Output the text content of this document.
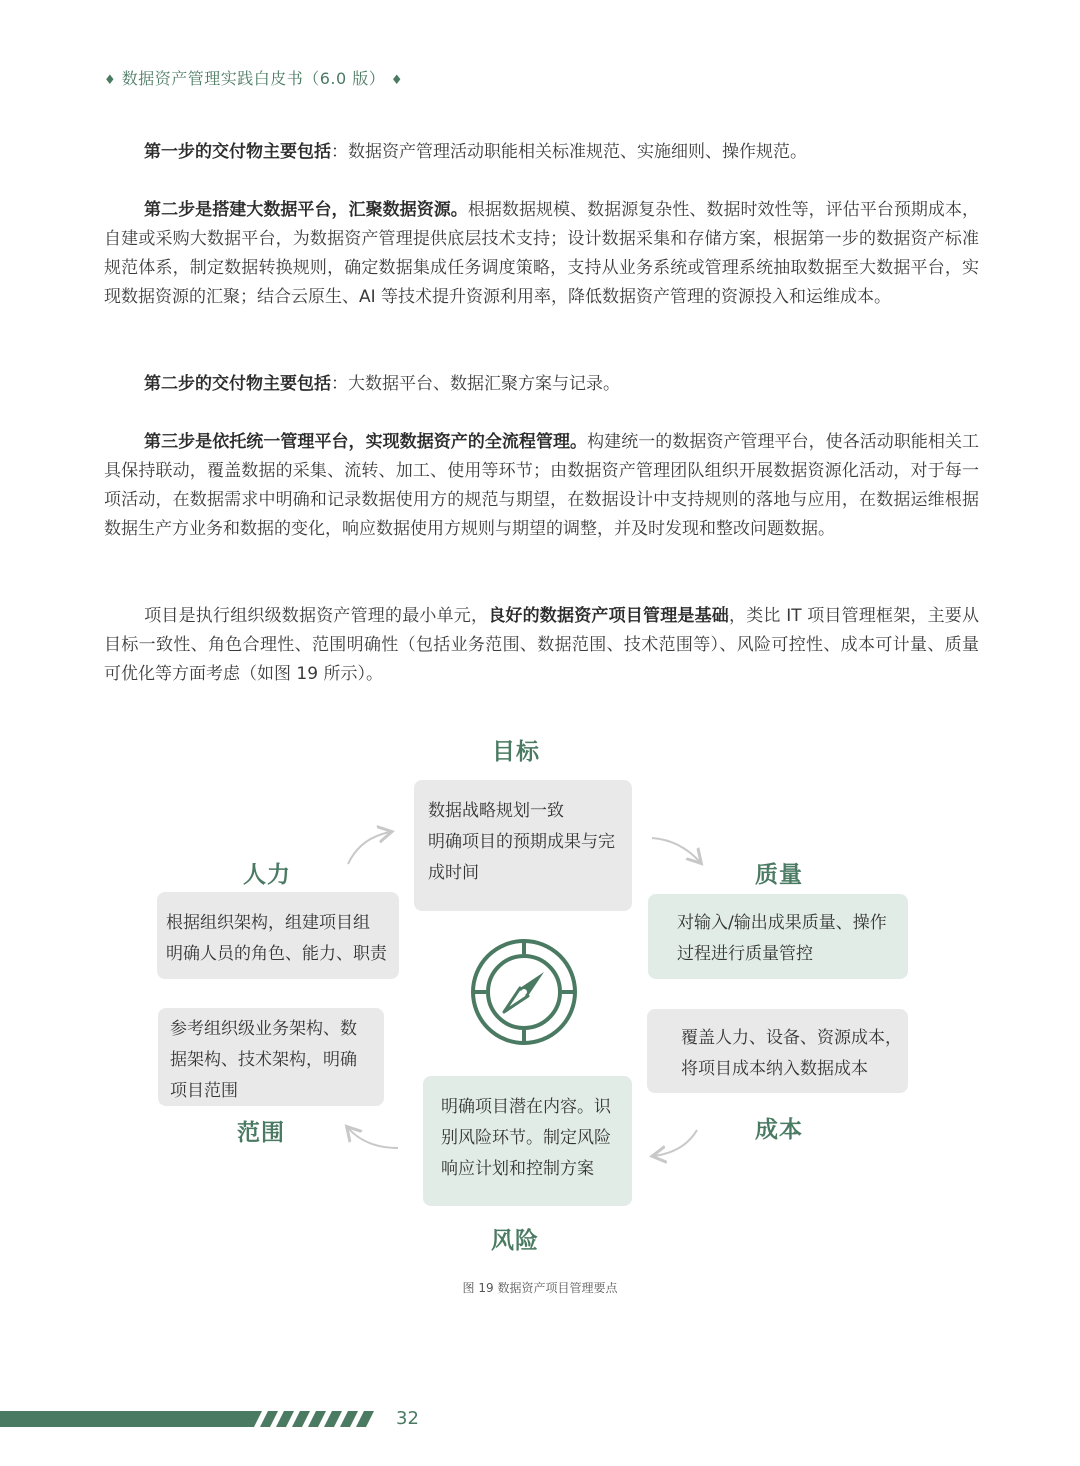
♦ 数据资产管理实践白皮书（6.0 版） ♦

第一步的交付物主要包括：数据资产管理活动职能相关标准规范、实施细则、操作规范。

第二步是搭建大数据平台，汇聚数据资源。根据数据规模、数据源复杂性、数据时效性等，评估平台预期成本，自建或采购大数据平台，为数据资产管理提供底层技术支持；设计数据采集和存储方案，根据第一步的数据资产标准规范体系，制定数据转换规则，确定数据集成任务调度策略，支持从业务系统或管理系统抽取数据至大数据平台，实现数据资源的汇聚；结合云原生、AI 等技术提升资源利用率，降低数据资产管理的资源投入和运维成本。

第二步的交付物主要包括：大数据平台、数据汇聚方案与记录。

第三步是依托统一管理平台，实现数据资产的全流程管理。构建统一的数据资产管理平台，使各活动职能相关工具保持联动，覆盖数据的采集、流转、加工、使用等环节；由数据资产管理团队组织开展数据资源化活动，对于每一项活动，在数据需求中明确和记录数据使用方的规范与期望，在数据设计中支持规则的落地与应用，在数据运维根据数据生产方业务和数据的变化，响应数据使用方规则与期望的调整，并及时发现和整改问题数据。

项目是执行组织级数据资产管理的最小单元，良好的数据资产项目管理是基础，类比 IT 项目管理框架，主要从目标一致性、角色合理性、范围明确性（包括业务范围、数据范围、技术范围等）、风险可控性、成本可计量、质量可优化等方面考虑（如图 19 所示）。

目标
人力	质量
范围	成本
风险
数据战略规划一致
明确项目的预期成果与完
成时间
根据组织架构，组建项目组
明确人员的角色、能力、职责
对输入/输出成果质量、操作
过程进行质量管控
参考组织级业务架构、数
据架构、技术架构，明确
项目范围
覆盖人力、设备、资源成本，
将项目成本纳入数据成本
明确项目潜在内容。识
别风险环节。制定风险
响应计划和控制方案
图 19 数据资产项目管理要点
32
